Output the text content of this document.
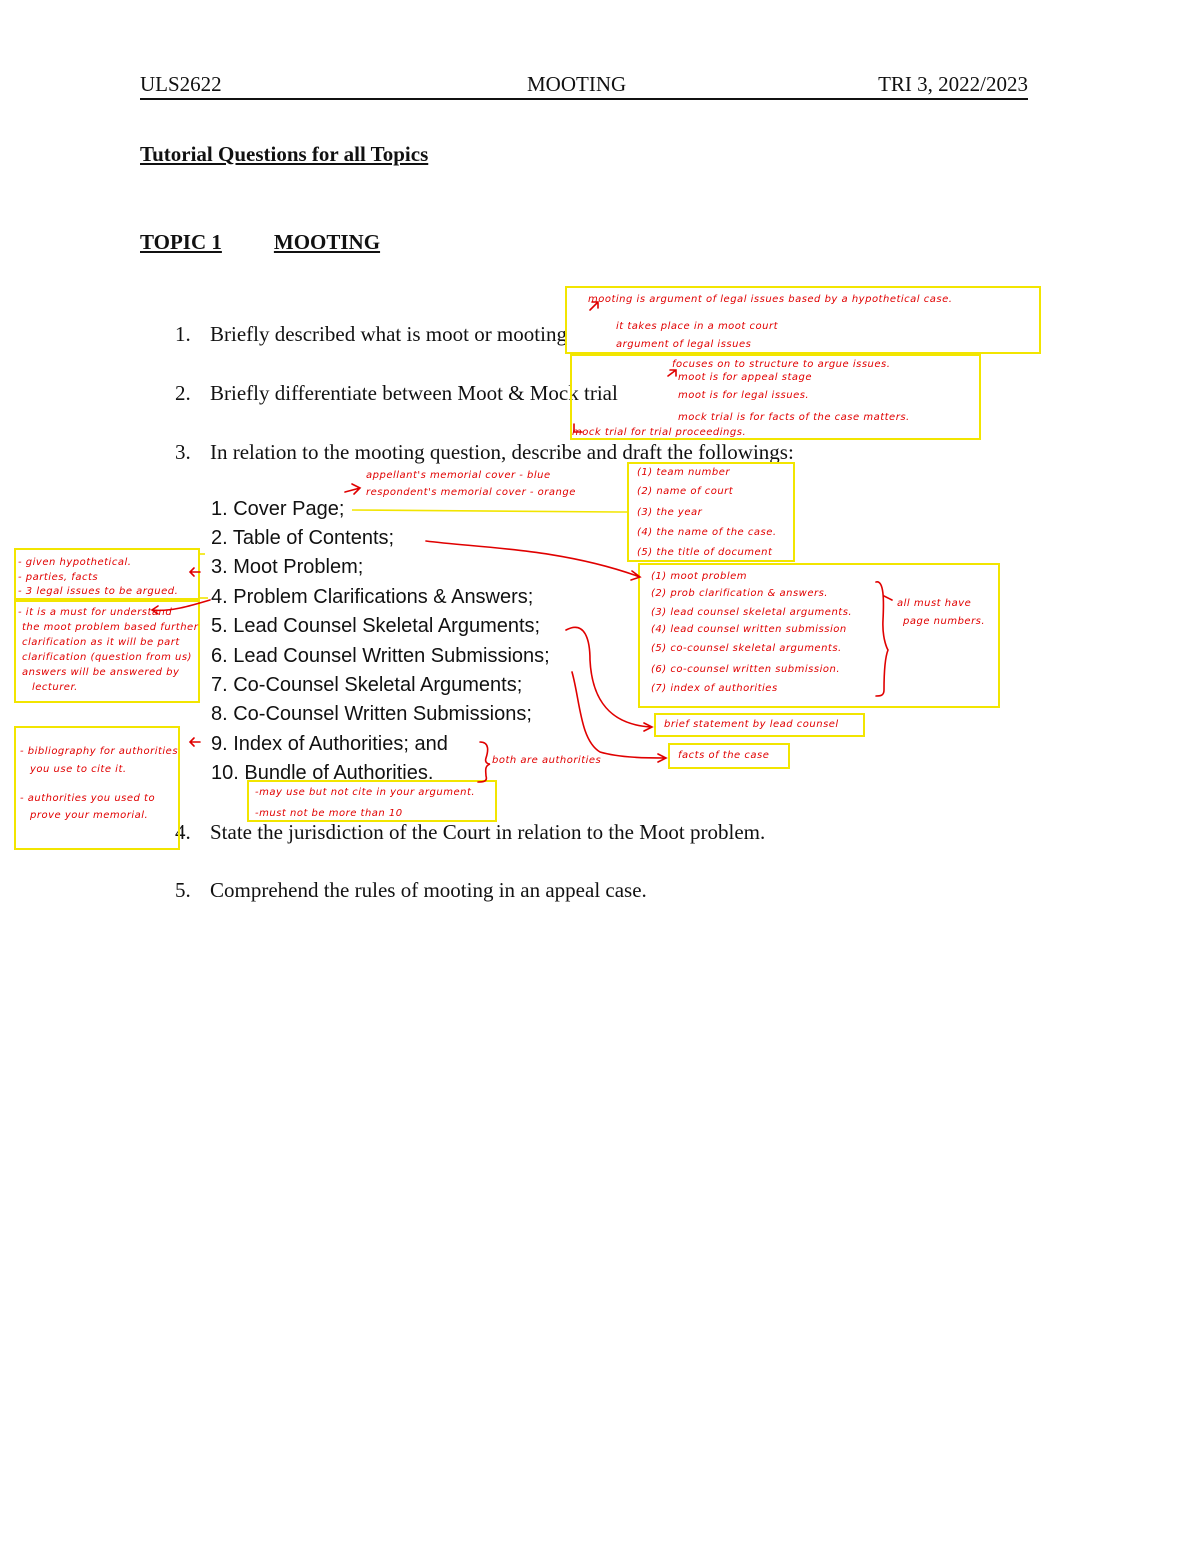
ULS2622	MOOTING	TRI 3, 2022/2023
Tutorial Questions for all Topics
TOPIC 1 MOOTING
1. Briefly described what is moot or mooting
2. Briefly differentiate between Moot & Mock trial
3. In relation to the mooting question, describe and draft the followings:
1. Cover Page;
2. Table of Contents;
3. Moot Problem;
4. Problem Clarifications & Answers;
5. Lead Counsel Skeletal Arguments;
6. Lead Counsel Written Submissions;
7. Co-Counsel Skeletal Arguments;
8. Co-Counsel Written Submissions;
9. Index of Authorities; and
10. Bundle of Authorities.
4. State the jurisdiction of the Court in relation to the Moot problem.
5. Comprehend the rules of mooting in an appeal case.
mooting is argument of legal issues based by a hypothetical case.
it takes place in a moot court
argument of legal issues
focuses on to structure to argue issues.
moot is for appeal stage
moot is for legal issues.
mock trial is for facts of the case matters.
mock trial for trial proceedings.
appellant's memorial cover - blue
respondent's memorial cover - orange
(1) team number
(2) name of court
(3) the year
(4) the name of the case.
(5) the title of document
(1) moot problem
(2) prob clarification & answers.
(3) lead counsel skeletal arguments.
(4) lead counsel written submission
(5) co-counsel skeletal arguments.
(6) co-counsel written submission.
(7) index of authorities
all must have
page numbers.
- given hypothetical.
- parties, facts
- 3 legal issues to be argued.
- it is a must for understand
the moot problem based further
clarification as it will be part
clarification (question from us)
answers will be answered by
lecturer.
brief statement by lead counsel
facts of the case
- bibliography for authorities
you use to cite it.
- authorities you used to
prove your memorial.
both are authorities
-may use but not cite in your argument.
-must not be more than 10
